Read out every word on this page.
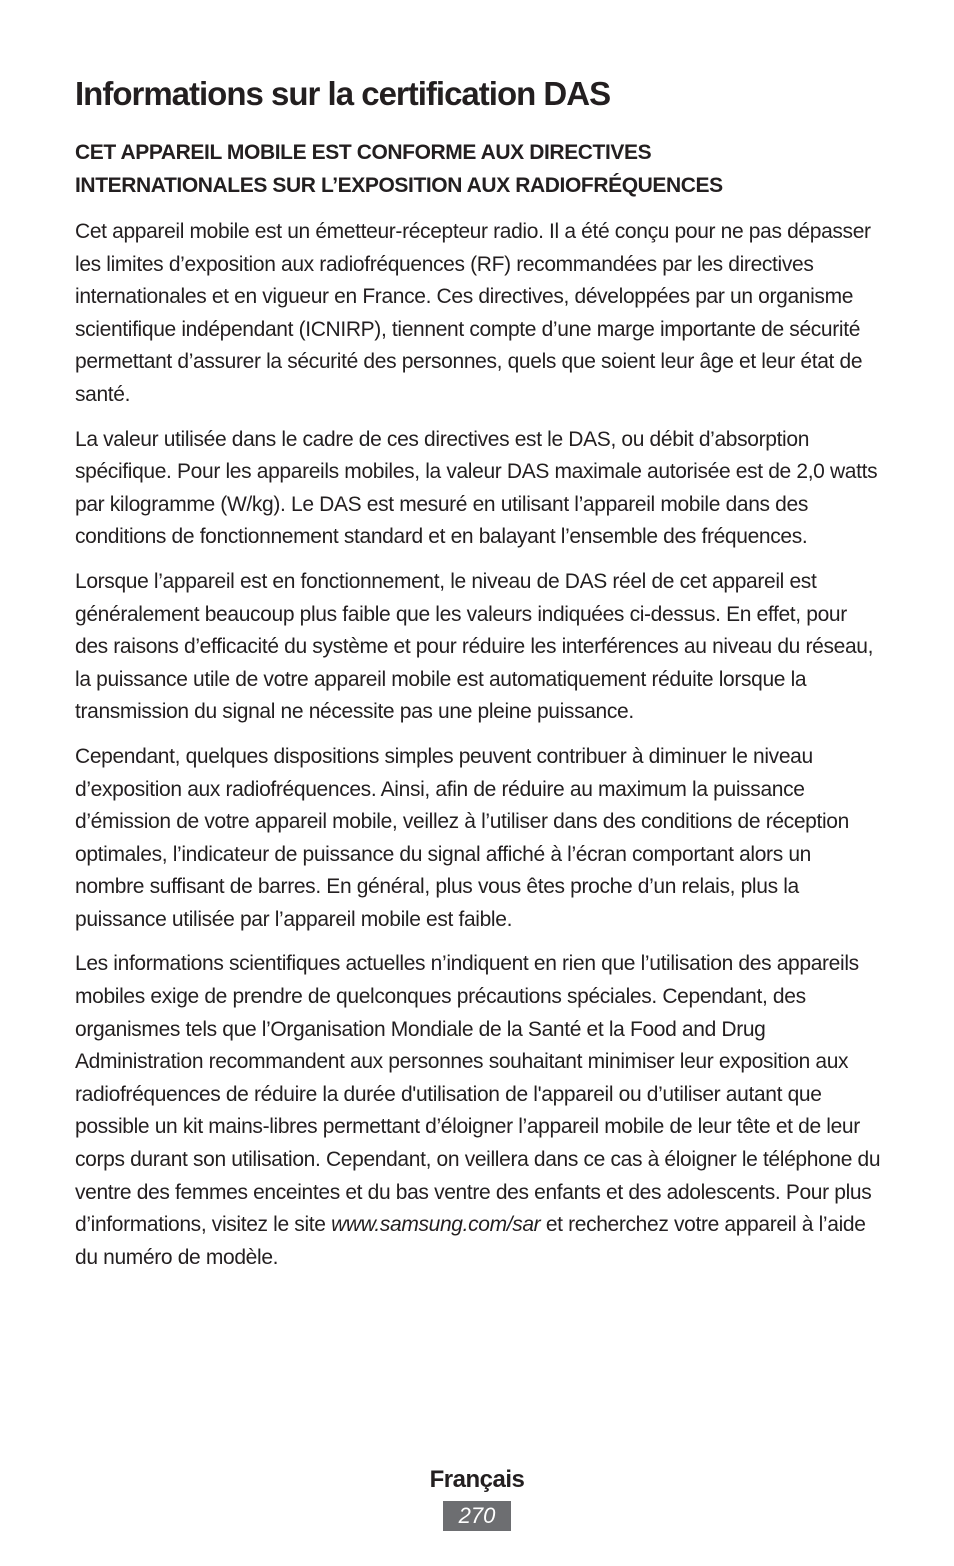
Informations sur la certification DAS
CET APPAREIL MOBILE EST CONFORME AUX DIRECTIVES
INTERNATIONALES SUR L’EXPOSITION AUX RADIOFRÉQUENCES

Cet appareil mobile est un émetteur-récepteur radio. Il a été conçu pour ne pas dépasser les limites d’exposition aux radiofréquences (RF) recommandées par les directives internationales et en vigueur en France. Ces directives, développées par un organisme scientifique indépendant (ICNIRP), tiennent compte d’une marge importante de sécurité permettant d’assurer la sécurité des personnes, quels que soient leur âge et leur état de santé.

La valeur utilisée dans le cadre de ces directives est le DAS, ou débit d’absorption spécifique. Pour les appareils mobiles, la valeur DAS maximale autorisée est de 2,0 watts par kilogramme (W/kg). Le DAS est mesuré en utilisant l’appareil mobile dans des conditions de fonctionnement standard et en balayant l’ensemble des fréquences.

Lorsque l’appareil est en fonctionnement, le niveau de DAS réel de cet appareil est généralement beaucoup plus faible que les valeurs indiquées ci-dessus. En effet, pour des raisons d’efficacité du système et pour réduire les interférences au niveau du réseau, la puissance utile de votre appareil mobile est automatiquement réduite lorsque la transmission du signal ne nécessite pas une pleine puissance.

Cependant, quelques dispositions simples peuvent contribuer à diminuer le niveau d’exposition aux radiofréquences. Ainsi, afin de réduire au maximum la puissance d’émission de votre appareil mobile, veillez à l’utiliser dans des conditions de réception optimales, l’indicateur de puissance du signal affiché à l’écran comportant alors un nombre suffisant de barres. En général, plus vous êtes proche d’un relais, plus la puissance utilisée par l’appareil mobile est faible.

Les informations scientifiques actuelles n’indiquent en rien que l’utilisation des appareils mobiles exige de prendre de quelconques précautions spéciales. Cependant, des organismes tels que l’Organisation Mondiale de la Santé et la Food and Drug Administration recommandent aux personnes souhaitant minimiser leur exposition aux radiofréquences de réduire la durée d'utilisation de l'appareil ou d’utiliser autant que possible un kit mains-libres permettant d’éloigner l’appareil mobile de leur tête et de leur corps durant son utilisation. Cependant, on veillera dans ce cas à éloigner le téléphone du ventre des femmes enceintes et du bas ventre des enfants et des adolescents. Pour plus d’informations, visitez le site www.samsung.com/sar et recherchez votre appareil à l’aide du numéro de modèle.

Français
270
